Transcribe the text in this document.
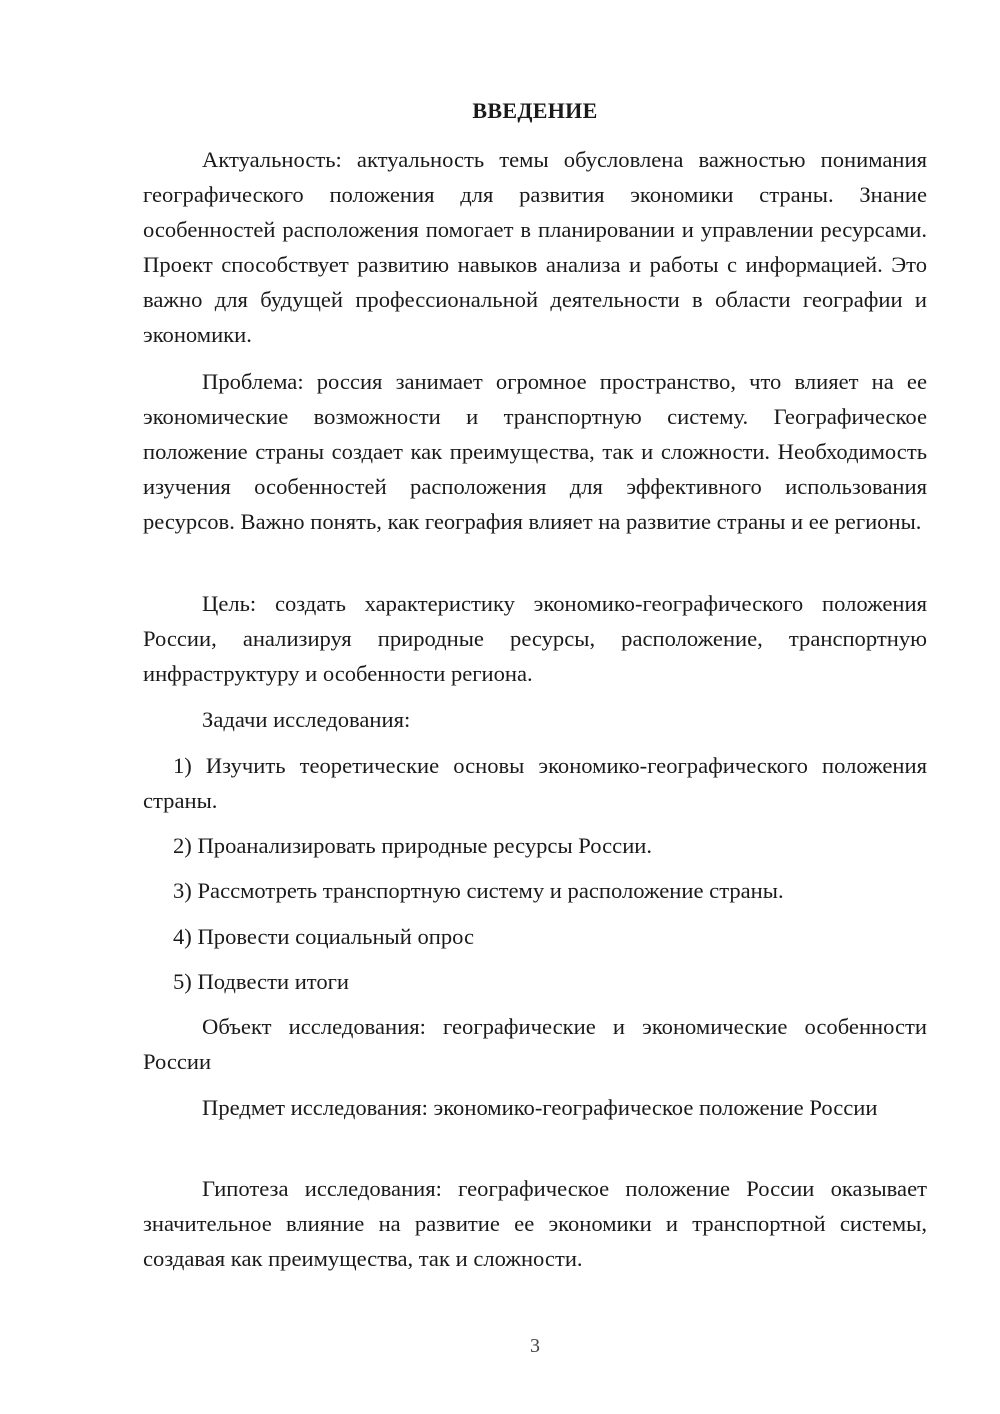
ВВЕДЕНИЕ

Актуальность: актуальность темы обусловлена важностью понимания географического положения для развития экономики страны. Знание особенностей расположения помогает в планировании и управлении ресурсами. Проект способствует развитию навыков анализа и работы с информацией. Это важно для будущей профессиональной деятельности в области географии и экономики.

Проблема: россия занимает огромное пространство, что влияет на ее экономические возможности и транспортную систему. Географическое положение страны создает как преимущества, так и сложности. Необходимость изучения особенностей расположения для эффективного использования ресурсов. Важно понять, как география влияет на развитие страны и ее регионы.

Цель: создать характеристику экономико-географического положения России, анализируя природные ресурсы, расположение, транспортную инфраструктуру и особенности региона.

Задачи исследования:

1) Изучить теоретические основы экономико-географического положения страны.

2) Проанализировать природные ресурсы России.
3) Рассмотреть транспортную систему и расположение страны.
4) Провести социальный опрос
5) Подвести итоги

Объект исследования: географические и экономические особенности России

Предмет исследования: экономико-географическое положение России

Гипотеза исследования: географическое положение России оказывает значительное влияние на развитие ее экономики и транспортной системы, создавая как преимущества, так и сложности.

3
